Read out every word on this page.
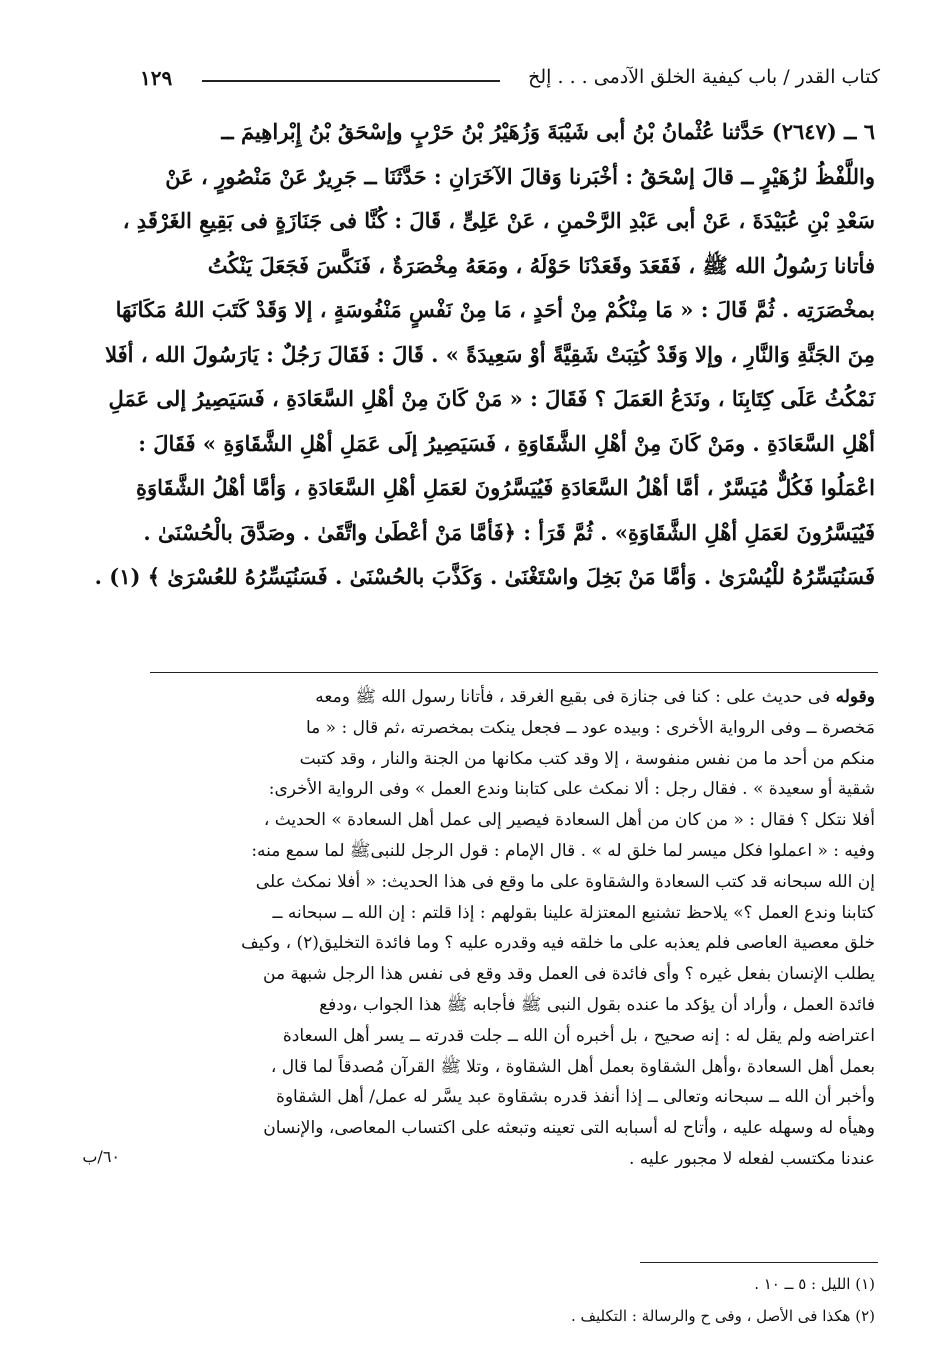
١٢٩	كتاب القدر / باب كيفية الخلق الآدمى . . . إلخ
٦ ــ (٢٦٤٧) حَدَّثنا عُثْمانُ بْنُ أبى شَيْبَةَ وَزُهَيْرُ بْنُ حَرْبٍ وإسْحَقُ بْنُ إِبْراهِيمَ ــ
واللَّفْظُ لزُهَيْرٍ ــ قالَ إسْحَقُ : أخْبَرنا وَقالَ الآخَرَانِ : حَدَّثَنَا ــ جَرِيرٌ عَنْ مَنْصُورٍ ، عَنْ
سَعْدِ بْنِ عُبَيْدَةَ ، عَنْ أبى عَبْدِ الرَّحْمنِ ، عَنْ عَلِىٍّ ، قَالَ : كُنَّا فى جَنَازَةٍ فى بَقِيعِ الغَرْقَدِ ،
فأتانا رَسُولُ الله ﷺ ، فَقَعَدَ وقَعَدْنَا حَوْلَهُ ، ومَعَهُ مِخْصَرَةٌ ، فَنَكَّسَ فَجَعَلَ يَنْكُتُ
بمخْصَرَتِه . ثُمَّ قَالَ : « مَا مِنْكُمْ مِنْ أحَدٍ ، مَا مِنْ نَفْسٍ مَنْفُوسَةٍ ، إلا وَقَدْ كَتَبَ اللهُ مَكَانَهَا
مِنَ الجَنَّةِ وَالنَّارِ ، وإلا وَقَدْ كُتِبَتْ شَقِيَّةً أوْ سَعِيدَةً » . قَالَ : فَقَالَ رَجُلٌ : يَارَسُولَ الله ، أفَلا
نَمْكُثُ عَلَى كِتَابِنَا ، ونَدَعُ العَمَلَ ؟ فَقَالَ : « مَنْ كَانَ مِنْ أهْلِ السَّعَادَةِ ، فَسَيَصِيرُ إلى عَمَلِ
أهْلِ السَّعَادَةِ . ومَنْ كَانَ مِنْ أهْلِ الشَّقَاوَةِ ، فَسَيَصِيرُ إلَى عَمَلِ أهْلِ الشَّقَاوَةِ » فَقَالَ :
اعْمَلُوا فَكُلٌّ مُيَسَّرٌ ، أمَّا أهْلُ السَّعَادَةِ فَيُيَسَّرُونَ لعَمَلِ أهْلِ السَّعَادَةِ ، وَأمَّا أهْلُ الشَّقَاوَةِ
فَيُيَسَّرُونَ لعَمَلِ أهْلِ الشَّقَاوَةِ» . ثُمَّ قَرَأ : ﴿فَأمَّا مَنْ أعْطَىٰ واتَّقَىٰ . وصَدَّقَ بالْحُسْنَىٰ .
فَسَنُيَسِّرُهُ للْيُسْرَىٰ . وَأمَّا مَنْ بَخِلَ واسْتَغْنَىٰ . وَكَذَّبَ بالحُسْنَىٰ . فَسَنُيَسِّرُهُ للعُسْرَىٰ ﴾ (١) .
وقوله فى حديث على : كنا فى جنازة فى بقيع الغرقد ، فأتانا رسول الله ﷺ ومعه
مَخصرة ــ وفى الرواية الأخرى : وبيده عود ــ فجعل ينكت بمخصرته ،ثم قال : « ما
منكم من أحد ما من نفس منفوسة ، إلا وقد كتب مكانها من الجنة والنار ، وقد كتبت
شقية أو سعيدة » . فقال رجل : ألا نمكث على كتابنا وندع العمل » وفى الرواية الأخرى:
أفلا نتكل ؟ فقال : « من كان من أهل السعادة فيصير إلى عمل أهل السعادة » الحديث ،
وفيه : « اعملوا فكل ميسر لما خلق له » . قال الإمام : قول الرجل للنبىﷺ لما سمع منه:
إن الله سبحانه قد كتب السعادة والشقاوة على ما وقع فى هذا الحديث: « أفلا نمكث على
كتابنا وندع العمل ؟» يلاحظ تشنيع المعتزلة علينا بقولهم : إذا قلتم : إن الله ــ سبحانه ــ
خلق معصية العاصى فلم يعذبه على ما خلقه فيه وقدره عليه ؟ وما فائدة التخليق(٢) ، وكيف
يطلب الإنسان بفعل غيره ؟ وأى فائدة فى العمل وقد وقع فى نفس هذا الرجل شبهة من
فائدة العمل ، وأراد أن يؤكد ما عنده بقول النبى ﷺ فأجابه ﷺ هذا الجواب ،ودفع
اعتراضه ولم يقل له : إنه صحيح ، بل أخبره أن الله ــ جلت قدرته ــ يسر أهل السعادة
بعمل أهل السعادة ،وأهل الشقاوة بعمل أهل الشقاوة ، وتلا ﷺ القرآن مُصدقاً لما قال ،
وأخبر أن الله ــ سبحانه وتعالى ــ إذا أنفذ قدره بشقاوة عبد يسَّر له عمل/ أهل الشقاوة
وهيأه له وسهله عليه ، وأتاح له أسبابه التى تعينه وتبعثه على اكتساب المعاصى، والإنسان
عندنا مكتسب لفعله لا مجبور عليه .
٦٠/ب
(١) الليل : ٥ ــ ١٠ .
(٢) هكذا فى الأصل ، وفى ح والرسالة : التكليف .
